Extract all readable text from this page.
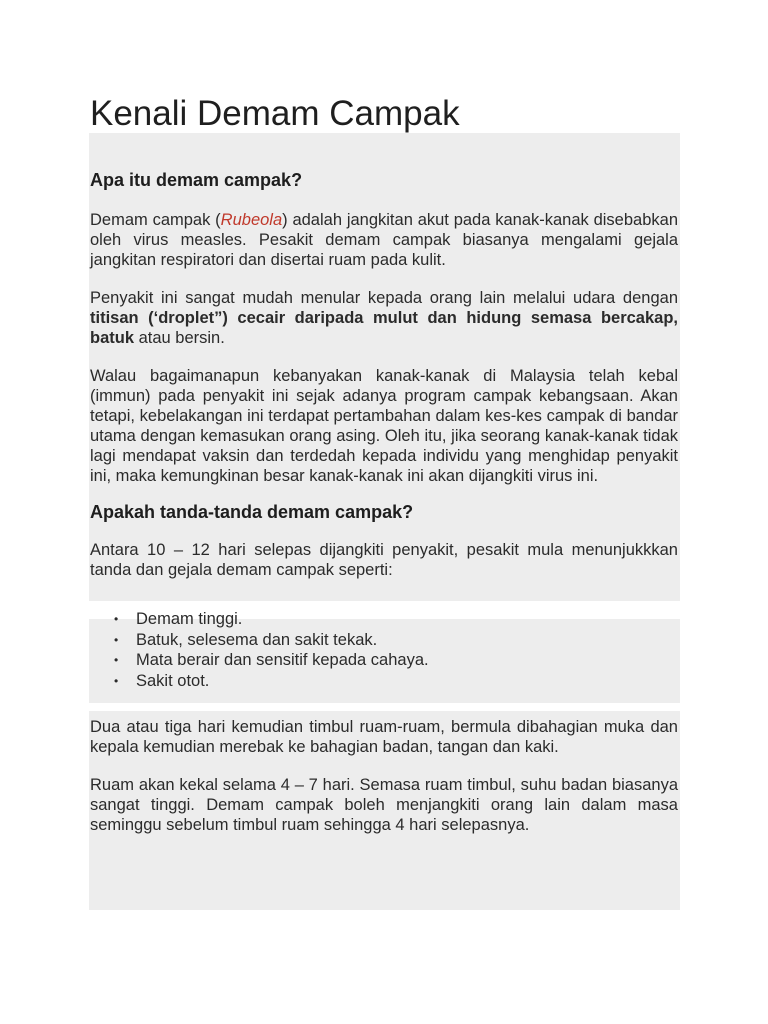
Kenali Demam Campak
Apa itu demam campak?

Demam campak (Rubeola) adalah jangkitan akut pada kanak-kanak disebabkan oleh virus measles. Pesakit demam campak biasanya mengalami gejala jangkitan respiratori dan disertai ruam pada kulit.

Penyakit ini sangat mudah menular kepada orang lain melalui udara dengan titisan (‘droplet”) cecair daripada mulut dan hidung semasa bercakap, batuk atau bersin.

Walau bagaimanapun kebanyakan kanak-kanak di Malaysia telah kebal (immun) pada penyakit ini sejak adanya program campak kebangsaan. Akan tetapi, kebelakangan ini terdapat pertambahan dalam kes-kes campak di bandar utama dengan kemasukan orang asing. Oleh itu, jika seorang kanak-kanak tidak lagi mendapat vaksin dan terdedah kepada individu yang menghidap penyakit ini, maka kemungkinan besar kanak-kanak ini akan dijangkiti virus ini.

Apakah tanda-tanda demam campak?

Antara 10 – 12 hari selepas dijangkiti penyakit, pesakit mula menunjukkkan tanda dan gejala demam campak seperti:

• Demam tinggi.
• Batuk, selesema dan sakit tekak.
• Mata berair dan sensitif kepada cahaya.
• Sakit otot.

Dua atau tiga hari kemudian timbul ruam-ruam, bermula dibahagian muka dan kepala kemudian merebak ke bahagian badan, tangan dan kaki.

Ruam akan kekal selama 4 – 7 hari. Semasa ruam timbul, suhu badan biasanya sangat tinggi. Demam campak boleh menjangkiti orang lain dalam masa seminggu sebelum timbul ruam sehingga 4 hari selepasnya.
